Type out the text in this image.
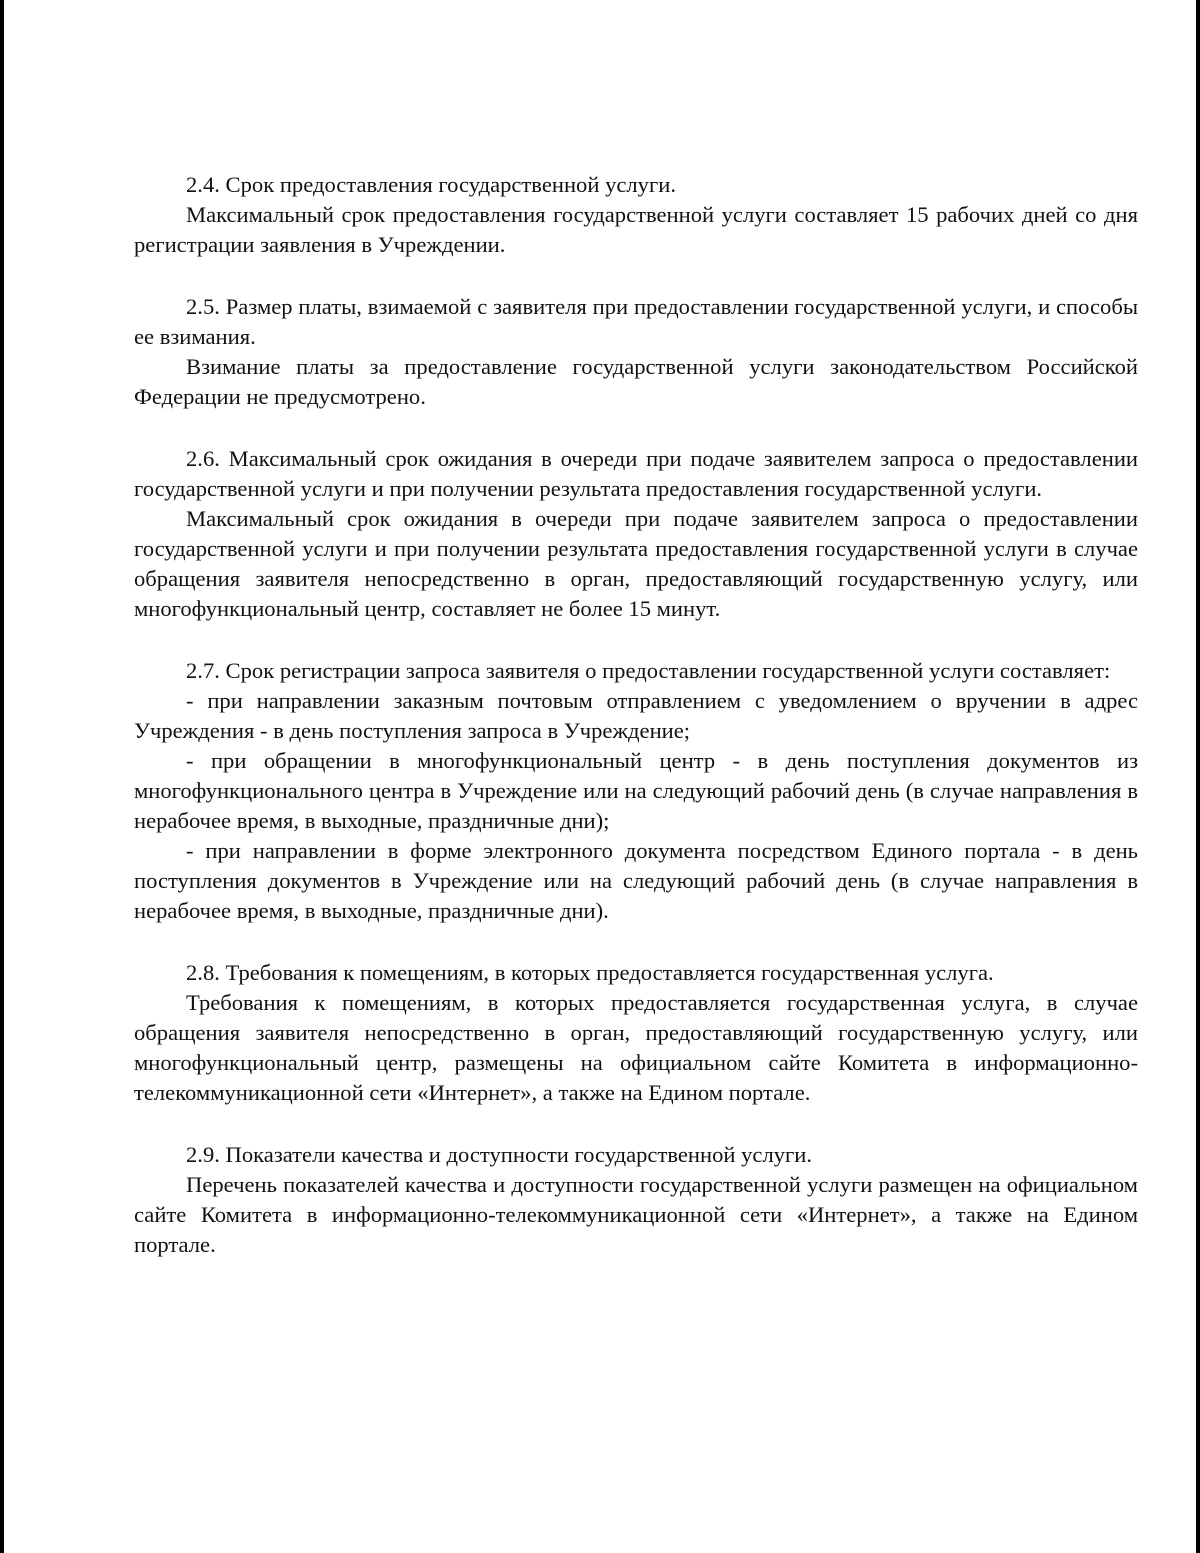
2.4. Срок предоставления государственной услуги.

Максимальный срок предоставления государственной услуги составляет 15 рабочих дней со дня регистрации заявления в Учреждении.

2.5. Размер платы, взимаемой с заявителя при предоставлении государственной услуги, и способы ее взимания.

Взимание платы за предоставление государственной услуги законодательством Российской Федерации не предусмотрено.

2.6. Максимальный срок ожидания в очереди при подаче заявителем запроса о предоставлении государственной услуги и при получении результата предоставления государственной услуги.

Максимальный срок ожидания в очереди при подаче заявителем запроса о предоставлении государственной услуги и при получении результата предоставления государственной услуги в случае обращения заявителя непосредственно в орган, предоставляющий государственную услугу, или многофункциональный центр, составляет не более 15 минут.

2.7. Срок регистрации запроса заявителя о предоставлении государственной услуги составляет:

- при направлении заказным почтовым отправлением с уведомлением о вручении в адрес Учреждения - в день поступления запроса в Учреждение;

- при обращении в многофункциональный центр - в день поступления документов из многофункционального центра в Учреждение или на следующий рабочий день (в случае направления в нерабочее время, в выходные, праздничные дни);

- при направлении в форме электронного документа посредством Единого портала - в день поступления документов в Учреждение или на следующий рабочий день (в случае направления в нерабочее время, в выходные, праздничные дни).

2.8. Требования к помещениям, в которых предоставляется государственная услуга.

Требования к помещениям, в которых предоставляется государственная услуга, в случае обращения заявителя непосредственно в орган, предоставляющий государственную услугу, или многофункциональный центр, размещены на официальном сайте Комитета в информационно-телекоммуникационной сети «Интернет», а также на Едином портале.

2.9. Показатели качества и доступности государственной услуги.

Перечень показателей качества и доступности государственной услуги размещен на официальном сайте Комитета в информационно-телекоммуникационной сети «Интернет», а также на Едином портале.
